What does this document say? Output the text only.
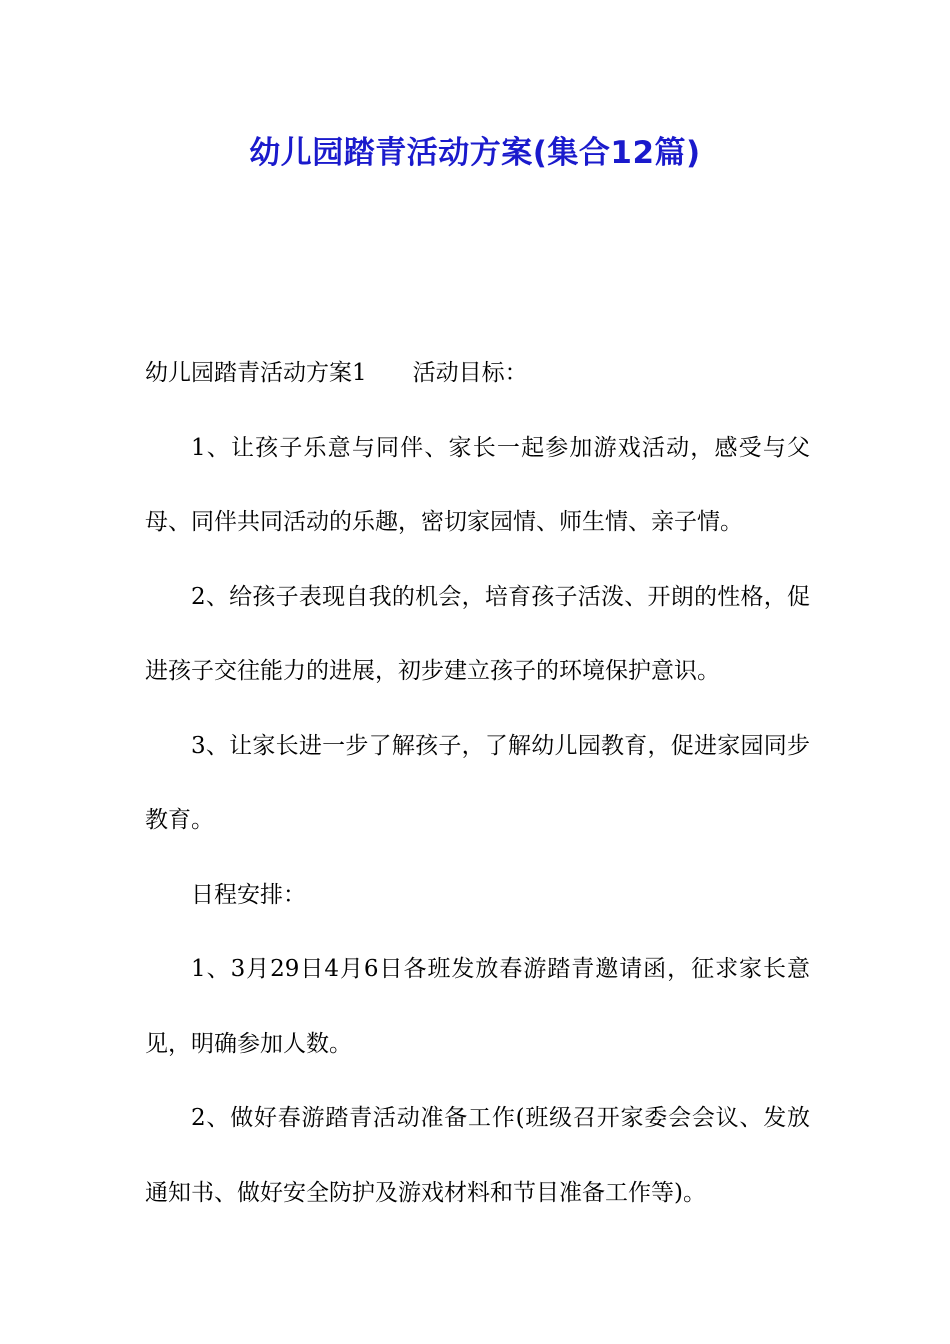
幼儿园踏青活动方案(集合12篇)

幼儿园踏青活动方案1 活动目标：

1、让孩子乐意与同伴、家长一起参加游戏活动，感受与父母、同伴共同活动的乐趣，密切家园情、师生情、亲子情。

2、给孩子表现自我的机会，培育孩子活泼、开朗的性格，促进孩子交往能力的进展，初步建立孩子的环境保护意识。

3、让家长进一步了解孩子，了解幼儿园教育，促进家园同步教育。

日程安排：

1、3月29日4月6日各班发放春游踏青邀请函，征求家长意见，明确参加人数。

2、做好春游踏青活动准备工作(班级召开家委会会议、发放通知书、做好安全防护及游戏材料和节目准备工作等)。
